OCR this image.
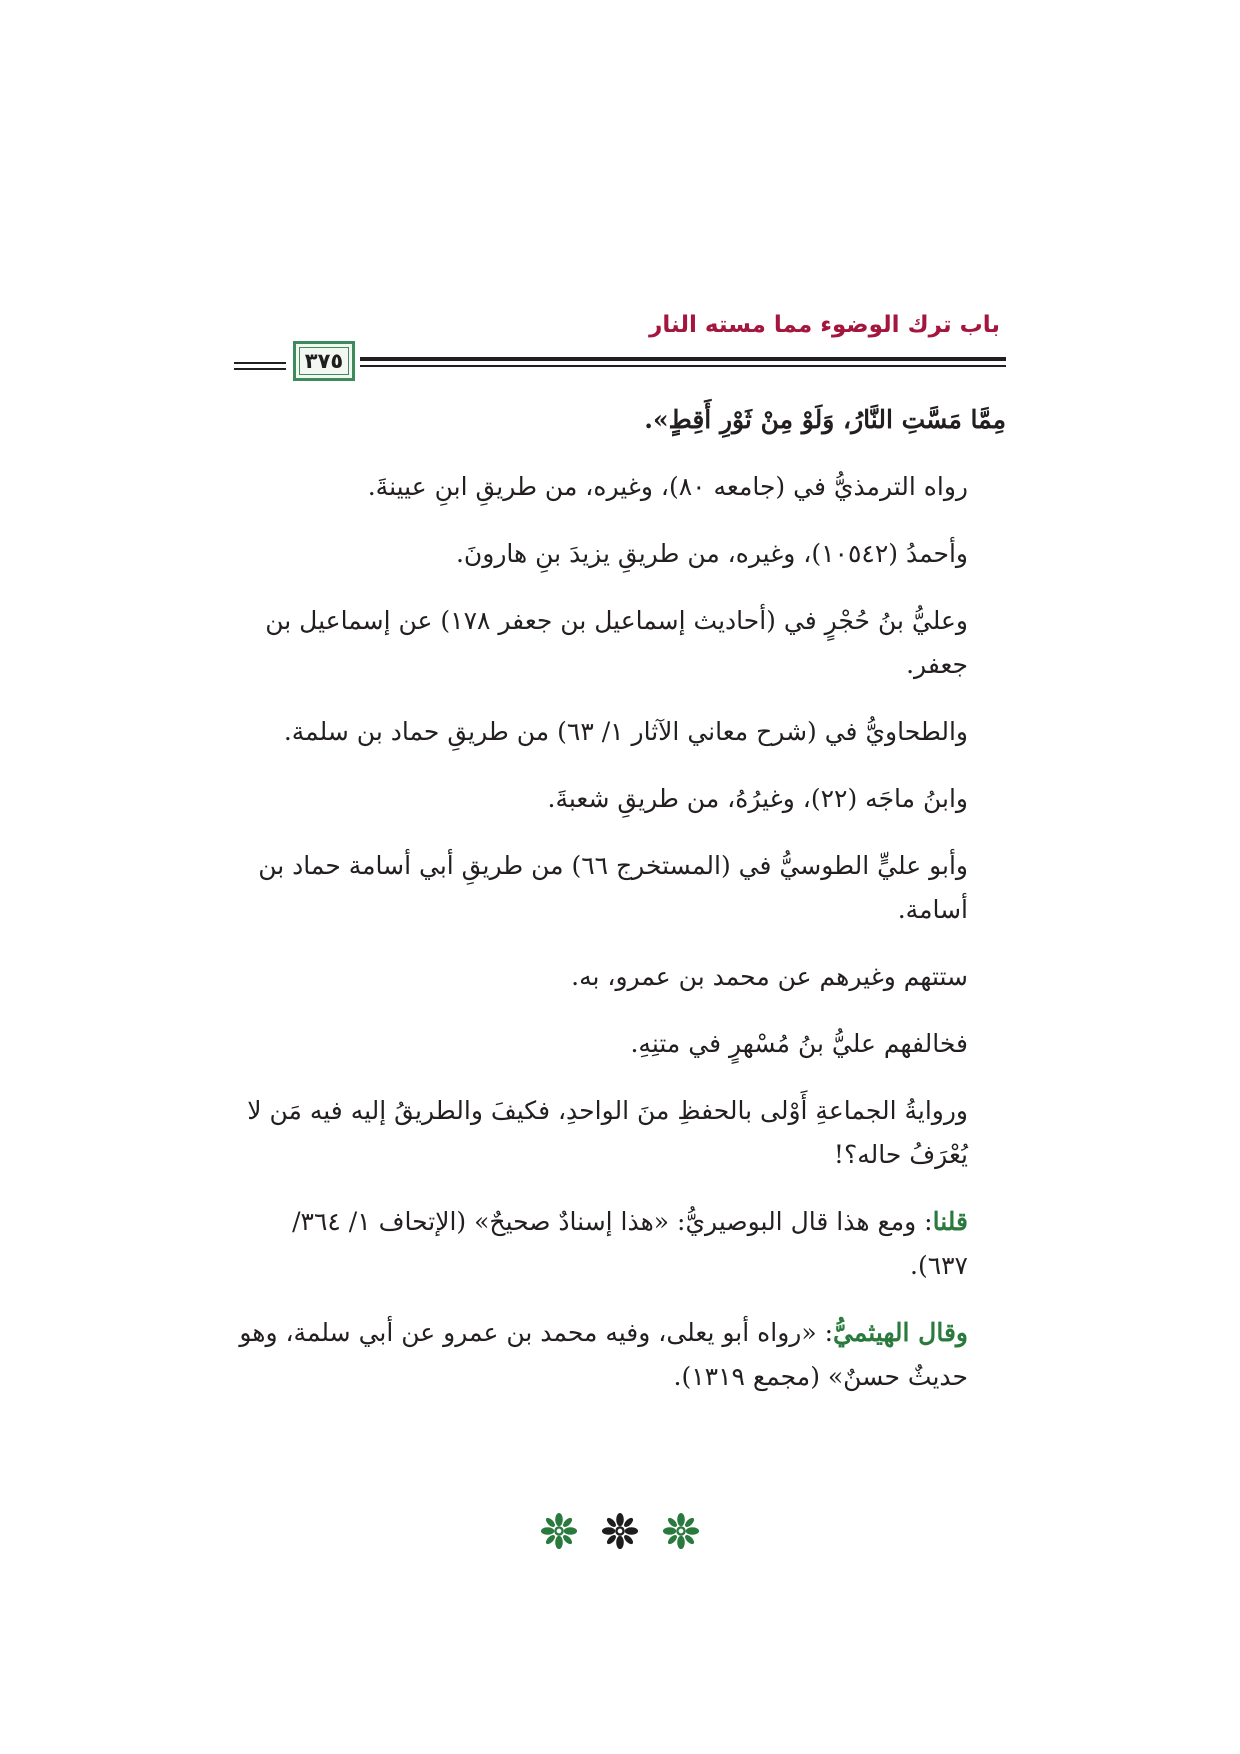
باب ترك الوضوء مما مسته النار
٣٧٥

مِمَّا مَسَّتِ النَّارُ، وَلَوْ مِنْ ثَوْرِ أَقِطٍ».

رواه الترمذيُّ في (جامعه ٨٠)، وغيره، من طريقِ ابنِ عيينةَ.

وأحمدُ (١٠٥٤٢)، وغيره، من طريقِ يزيدَ بنِ هارونَ.

وعليُّ بنُ حُجْرٍ في (أحاديث إسماعيل بن جعفر ١٧٨) عن إسماعيل بن جعفر.

والطحاويُّ في (شرح معاني الآثار ١/ ٦٣) من طريقِ حماد بن سلمة.

وابنُ ماجَه (٢٢)، وغيرُهُ، من طريقِ شعبةَ.

وأبو عليٍّ الطوسيُّ في (المستخرج ٦٦) من طريقِ أبي أسامة حماد بن أسامة.

ستتهم وغيرهم عن محمد بن عمرو، به.

فخالفهم عليُّ بنُ مُسْهرٍ في متنِهِ.

وروايةُ الجماعةِ أَوْلى بالحفظِ منَ الواحدِ، فكيفَ والطريقُ إليه فيه مَن لا يُعْرَفُ حاله؟!

قلنا: ومع هذا قال البوصيريُّ: «هذا إسنادٌ صحيحٌ» (الإتحاف ١/ ٣٦٤/ ٦٣٧).

وقال الهيثميُّ: «رواه أبو يعلى، وفيه محمد بن عمرو عن أبي سلمة، وهو حديثٌ حسنٌ» (مجمع ١٣١٩).
